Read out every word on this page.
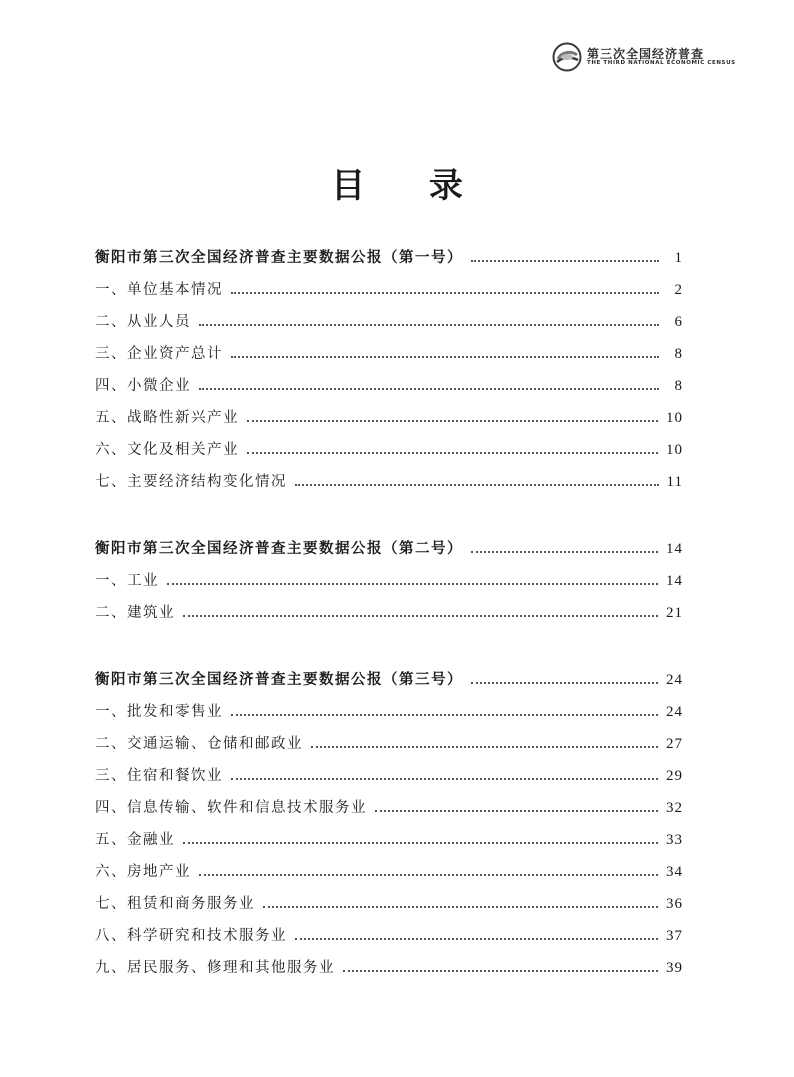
第三次全国经济普查
THE THIRD NATIONAL ECONOMIC CENSUS
目 录
衡阳市第三次全国经济普查主要数据公报（第一号）	1
一、单位基本情况	2
二、从业人员	6
三、企业资产总计	8
四、小微企业	8
五、战略性新兴产业	10
六、文化及相关产业	10
七、主要经济结构变化情况	11
衡阳市第三次全国经济普查主要数据公报（第二号）	14
一、工业	14
二、建筑业	21
衡阳市第三次全国经济普查主要数据公报（第三号）	24
一、批发和零售业	24
二、交通运输、仓储和邮政业	27
三、住宿和餐饮业	29
四、信息传输、软件和信息技术服务业	32
五、金融业	33
六、房地产业	34
七、租赁和商务服务业	36
八、科学研究和技术服务业	37
九、居民服务、修理和其他服务业	39
